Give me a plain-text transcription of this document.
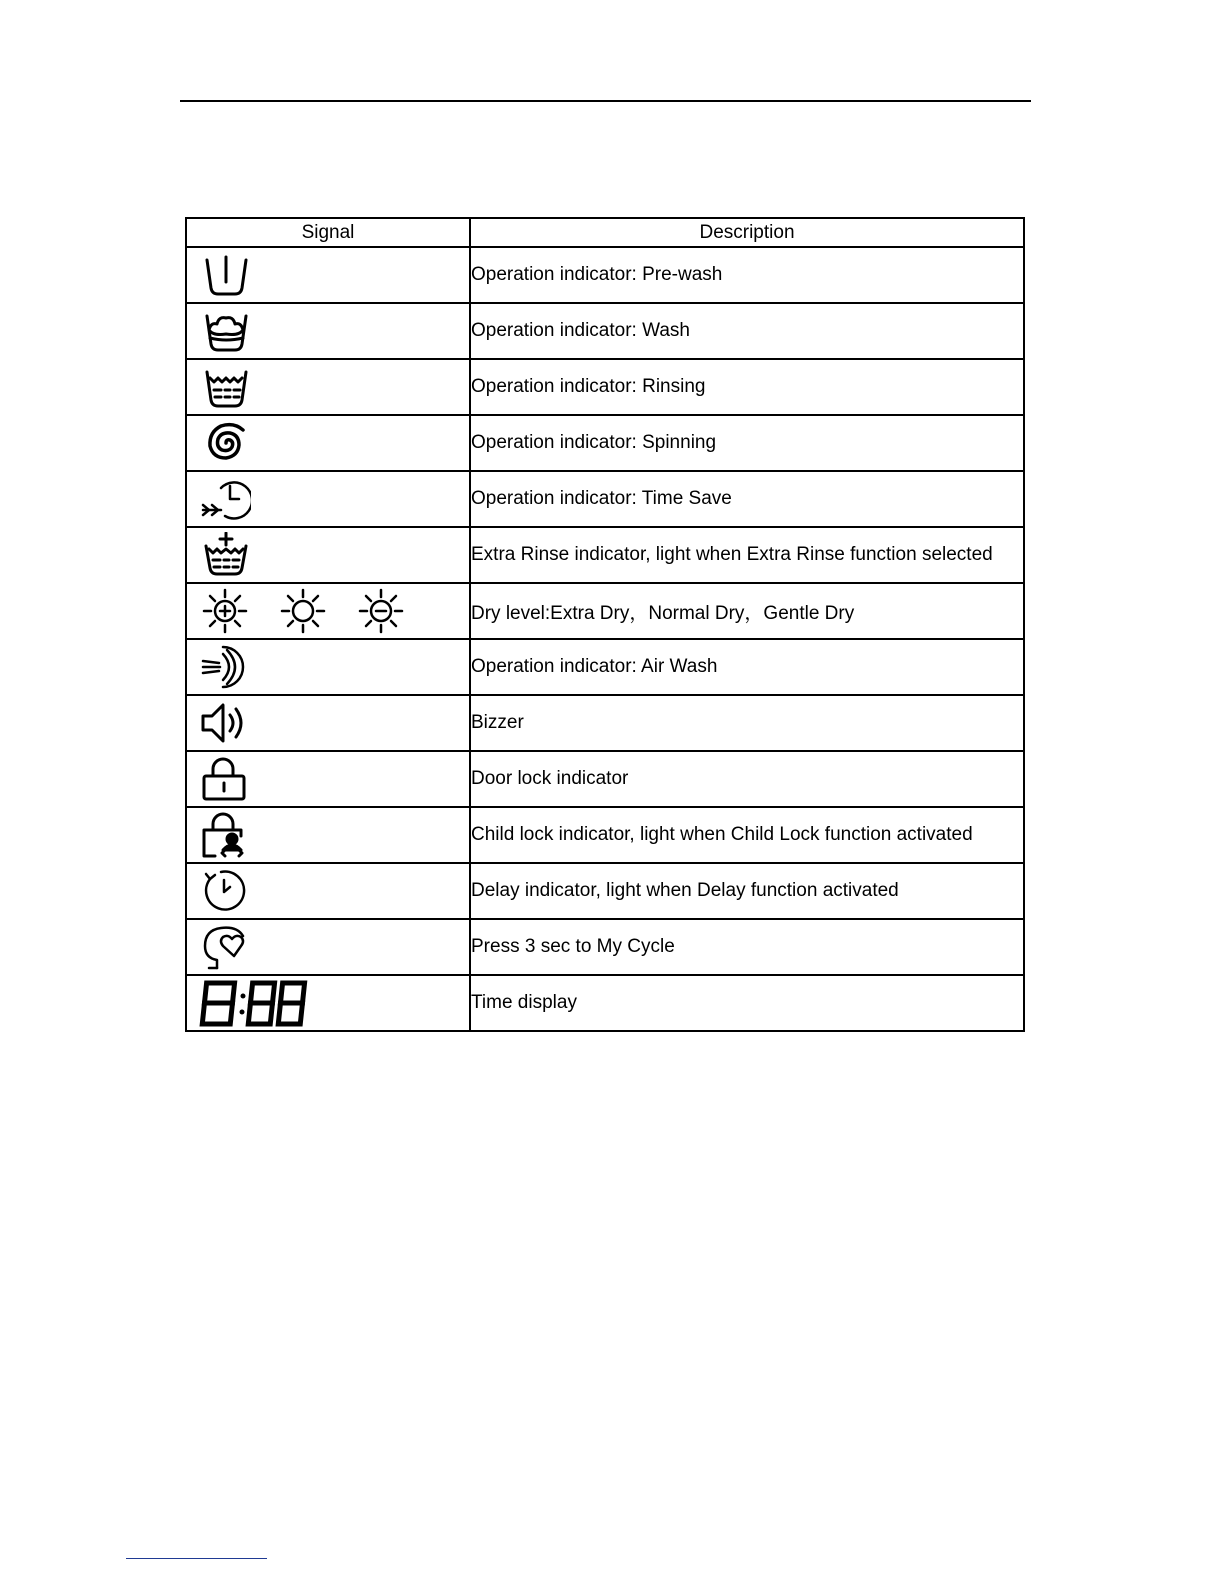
Signal	Description

	Operation indicator: Pre-wash

	Operation indicator: Wash

	Operation indicator: Rinsing

	Operation indicator: Spinning

	Operation indicator: Time Save

	Extra Rinse indicator, light when Extra Rinse function selected

	Dry level:Extra Dry，Normal Dry，Gentle Dry

	Operation indicator: Air Wash

	Bizzer

	Door lock indicator

	Child lock indicator, light when Child Lock function activated

	Delay indicator, light when Delay function activated

	Press 3 sec to My Cycle

	Time display
